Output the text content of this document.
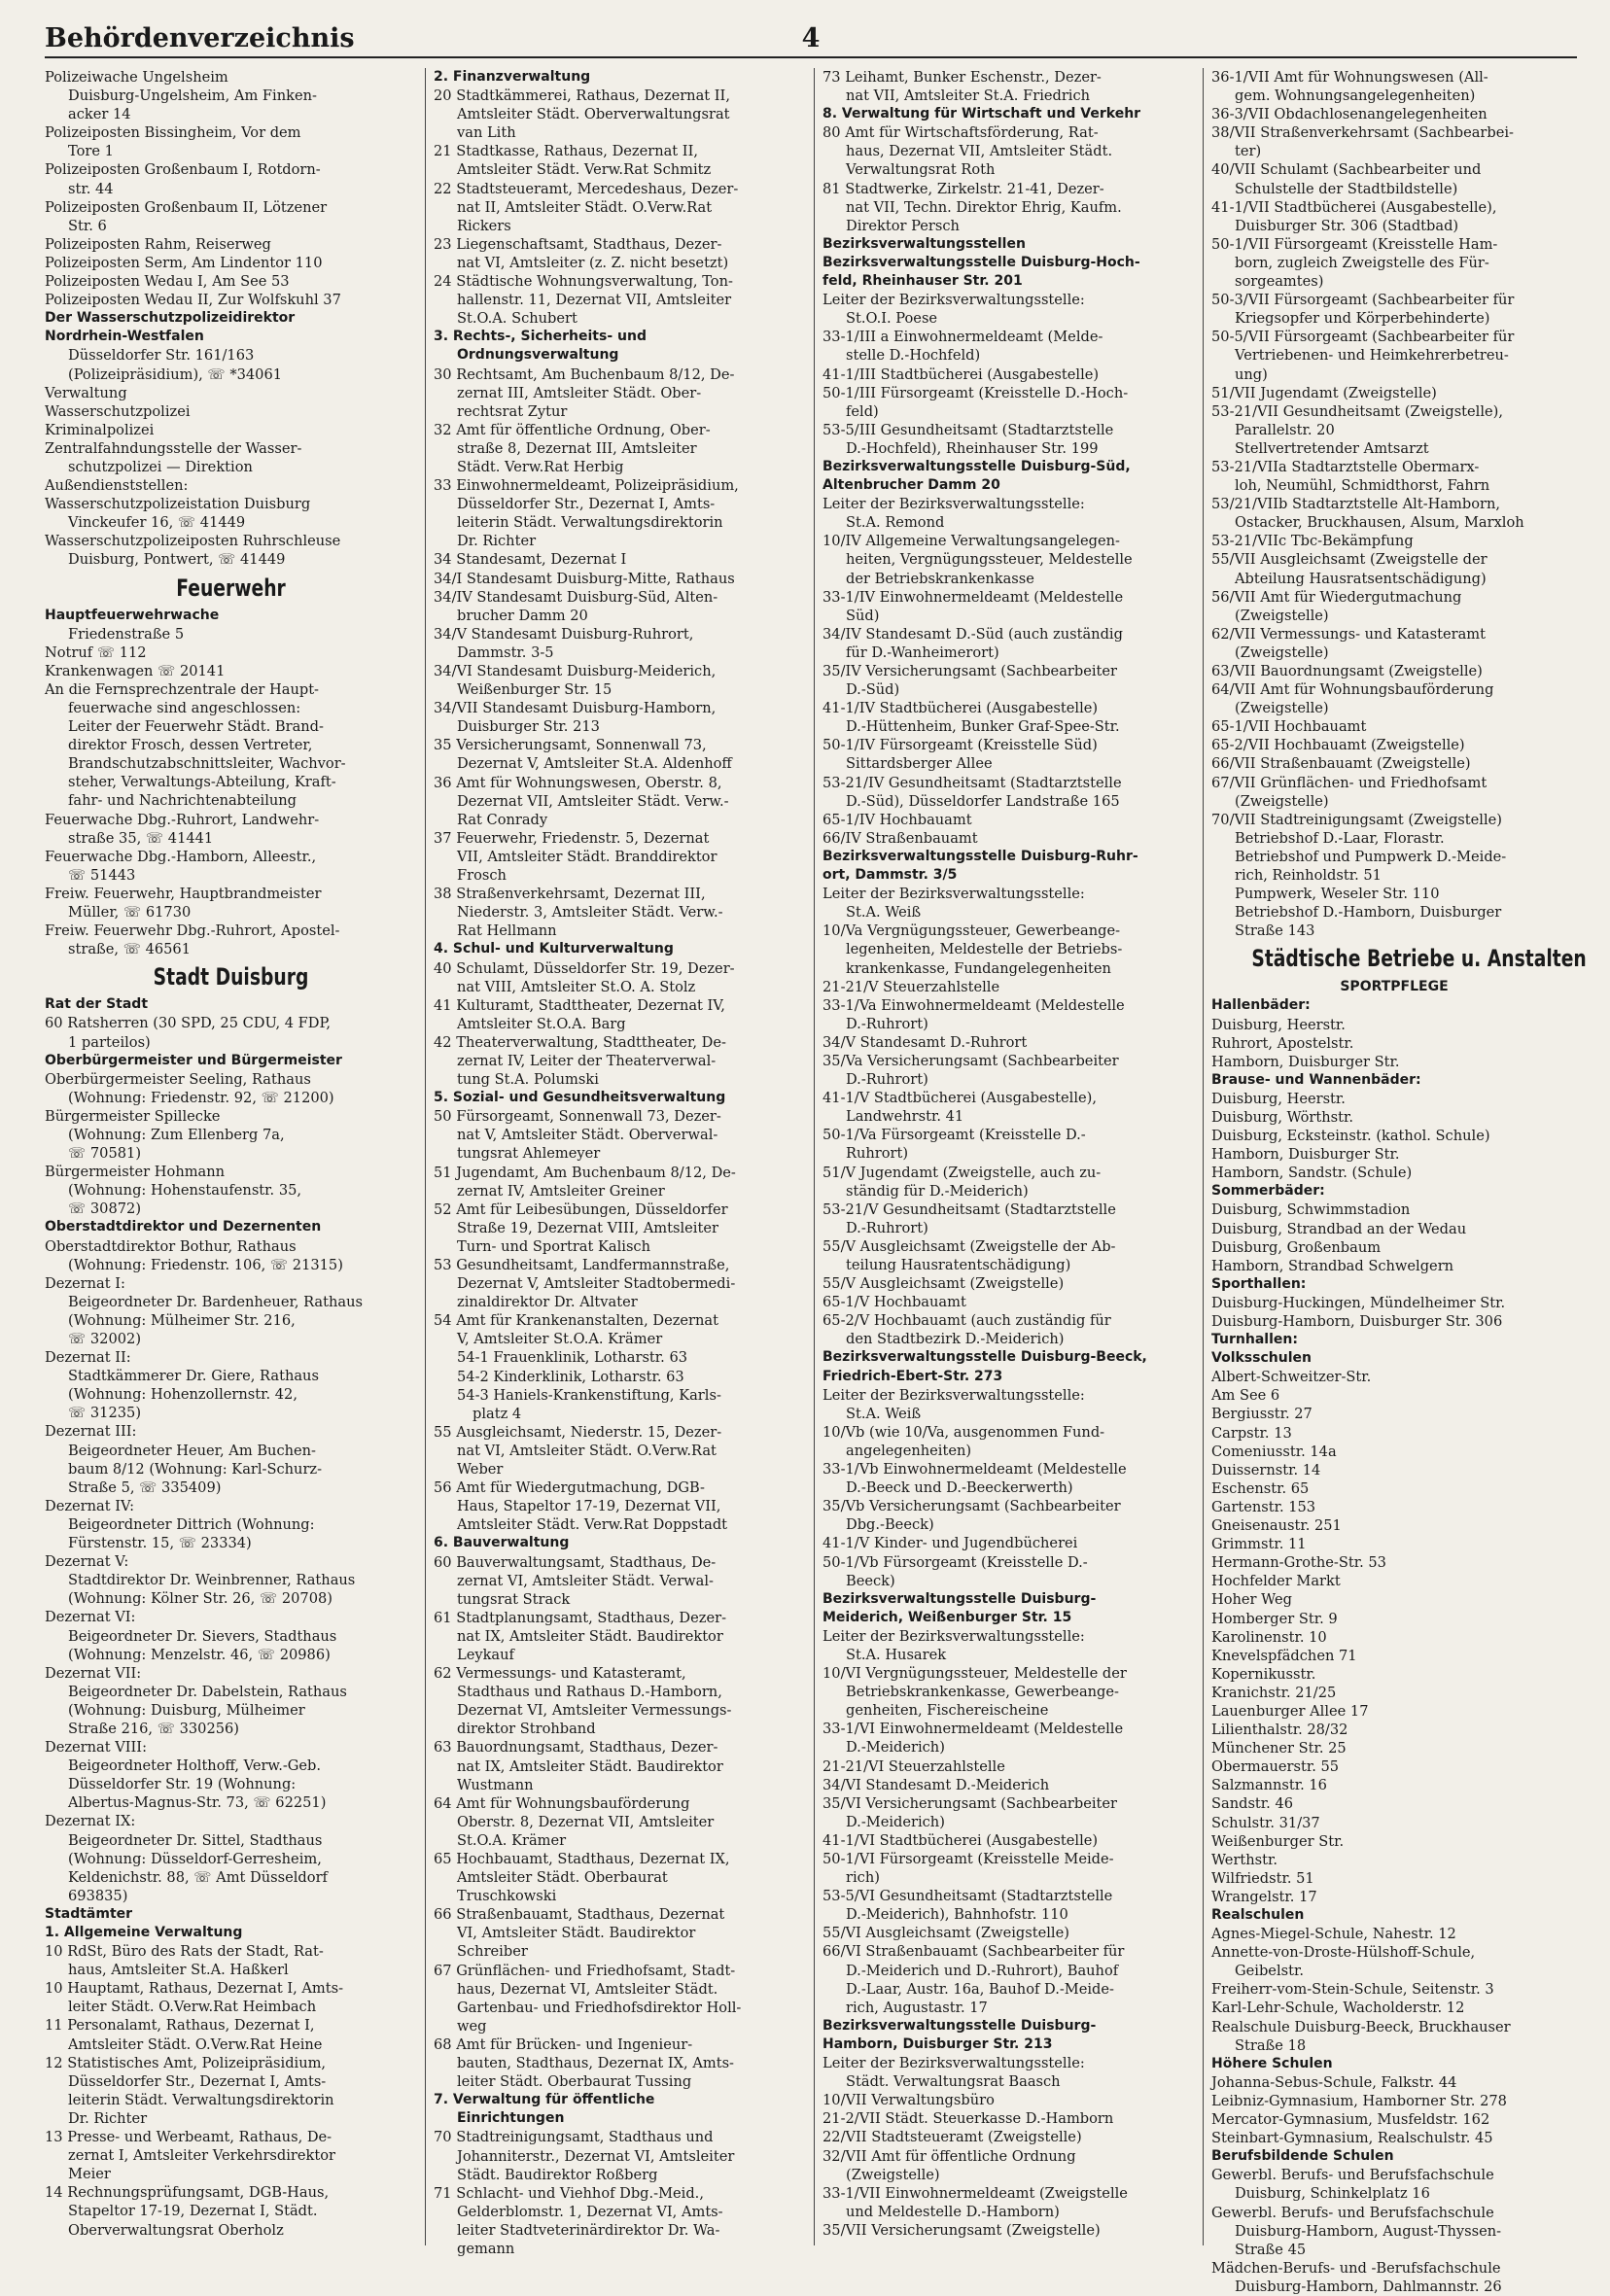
Behördenverzeichnis	4
Polizeiwache Ungelsheim
Duisburg-Ungelsheim, Am Finken-
acker 14
Polizeiposten Bissingheim, Vor dem
Tore 1
Polizeiposten Großenbaum I, Rotdorn-
str. 44
Polizeiposten Großenbaum II, Lötzener
Str. 6
Polizeiposten Rahm, Reiserweg
Polizeiposten Serm, Am Lindentor 110
Polizeiposten Wedau I, Am See 53
Polizeiposten Wedau II, Zur Wolfskuhl 37
Der Wasserschutzpolizeidirektor
Nordrhein-Westfalen
Düsseldorfer Str. 161/163
(Polizeipräsidium), ☏ *34061
Verwaltung
Wasserschutzpolizei
Kriminalpolizei
Zentralfahndungsstelle der Wasser-
schutzpolizei — Direktion
Außendienststellen:
Wasserschutzpolizeistation Duisburg
Vinckeufer 16, ☏ 41449
Wasserschutzpolizeiposten Ruhrschleuse
Duisburg, Pontwert, ☏ 41449
Feuerwehr
Hauptfeuerwehrwache
Friedenstraße 5
Notruf ☏ 112
Krankenwagen ☏ 20141
An die Fernsprechzentrale der Haupt-
feuerwache sind angeschlossen:
Leiter der Feuerwehr Städt. Brand-
direktor Frosch, dessen Vertreter,
Brandschutzabschnittsleiter, Wachvor-
steher, Verwaltungs-Abteilung, Kraft-
fahr- und Nachrichtenabteilung
Feuerwache Dbg.-Ruhrort, Landwehr-
straße 35, ☏ 41441
Feuerwache Dbg.-Hamborn, Alleestr.,
☏ 51443
Freiw. Feuerwehr, Hauptbrandmeister
Müller, ☏ 61730
Freiw. Feuerwehr Dbg.-Ruhrort, Apostel-
straße, ☏ 46561
Stadt Duisburg
Rat der Stadt
60 Ratsherren (30 SPD, 25 CDU, 4 FDP,
1 parteilos)
Oberbürgermeister und Bürgermeister
Oberbürgermeister Seeling, Rathaus
(Wohnung: Friedenstr. 92, ☏ 21200)
Bürgermeister Spillecke
(Wohnung: Zum Ellenberg 7a,
☏ 70581)
Bürgermeister Hohmann
(Wohnung: Hohenstaufenstr. 35,
☏ 30872)
Oberstadtdirektor und Dezernenten
Oberstadtdirektor Bothur, Rathaus
(Wohnung: Friedenstr. 106, ☏ 21315)
Dezernat I:
Beigeordneter Dr. Bardenheuer, Rathaus
(Wohnung: Mülheimer Str. 216,
☏ 32002)
Dezernat II:
Stadtkämmerer Dr. Giere, Rathaus
(Wohnung: Hohenzollernstr. 42,
☏ 31235)
Dezernat III:
Beigeordneter Heuer, Am Buchen-
baum 8/12 (Wohnung: Karl-Schurz-
Straße 5, ☏ 335409)
Dezernat IV:
Beigeordneter Dittrich (Wohnung:
Fürstenstr. 15, ☏ 23334)
Dezernat V:
Stadtdirektor Dr. Weinbrenner, Rathaus
(Wohnung: Kölner Str. 26, ☏ 20708)
Dezernat VI:
Beigeordneter Dr. Sievers, Stadthaus
(Wohnung: Menzelstr. 46, ☏ 20986)
Dezernat VII:
Beigeordneter Dr. Dabelstein, Rathaus
(Wohnung: Duisburg, Mülheimer
Straße 216, ☏ 330256)
Dezernat VIII:
Beigeordneter Holthoff, Verw.-Geb.
Düsseldorfer Str. 19 (Wohnung:
Albertus-Magnus-Str. 73, ☏ 62251)
Dezernat IX:
Beigeordneter Dr. Sittel, Stadthaus
(Wohnung: Düsseldorf-Gerresheim,
Keldenichstr. 88, ☏ Amt Düsseldorf
693835)
Stadtämter
1. Allgemeine Verwaltung
10 RdSt, Büro des Rats der Stadt, Rat-
haus, Amtsleiter St.A. Haßkerl
10 Hauptamt, Rathaus, Dezernat I, Amts-
leiter Städt. O.Verw.Rat Heimbach
11 Personalamt, Rathaus, Dezernat I,
Amtsleiter Städt. O.Verw.Rat Heine
12 Statistisches Amt, Polizeipräsidium,
Düsseldorfer Str., Dezernat I, Amts-
leiterin Städt. Verwaltungsdirektorin
Dr. Richter
13 Presse- und Werbeamt, Rathaus, De-
zernat I, Amtsleiter Verkehrsdirektor
Meier
14 Rechnungsprüfungsamt, DGB-Haus,
Stapeltor 17-19, Dezernat I, Städt.
Oberverwaltungsrat Oberholz
2. Finanzverwaltung
20 Stadtkämmerei, Rathaus, Dezernat II,
Amtsleiter Städt. Oberverwaltungsrat
van Lith
21 Stadtkasse, Rathaus, Dezernat II,
Amtsleiter Städt. Verw.Rat Schmitz
22 Stadtsteueramt, Mercedeshaus, Dezer-
nat II, Amtsleiter Städt. O.Verw.Rat
Rickers
23 Liegenschaftsamt, Stadthaus, Dezer-
nat VI, Amtsleiter (z. Z. nicht besetzt)
24 Städtische Wohnungsverwaltung, Ton-
hallenstr. 11, Dezernat VII, Amtsleiter
St.O.A. Schubert
3. Rechts-, Sicherheits- und
Ordnungsverwaltung
30 Rechtsamt, Am Buchenbaum 8/12, De-
zernat III, Amtsleiter Städt. Ober-
rechtsrat Zytur
32 Amt für öffentliche Ordnung, Ober-
straße 8, Dezernat III, Amtsleiter
Städt. Verw.Rat Herbig
33 Einwohnermeldeamt, Polizeipräsidium,
Düsseldorfer Str., Dezernat I, Amts-
leiterin Städt. Verwaltungsdirektorin
Dr. Richter
34 Standesamt, Dezernat I
34/I Standesamt Duisburg-Mitte, Rathaus
34/IV Standesamt Duisburg-Süd, Alten-
brucher Damm 20
34/V Standesamt Duisburg-Ruhrort,
Dammstr. 3-5
34/VI Standesamt Duisburg-Meiderich,
Weißenburger Str. 15
34/VII Standesamt Duisburg-Hamborn,
Duisburger Str. 213
35 Versicherungsamt, Sonnenwall 73,
Dezernat V, Amtsleiter St.A. Aldenhoff
36 Amt für Wohnungswesen, Oberstr. 8,
Dezernat VII, Amtsleiter Städt. Verw.-
Rat Conrady
37 Feuerwehr, Friedenstr. 5, Dezernat
VII, Amtsleiter Städt. Branddirektor
Frosch
38 Straßenverkehrsamt, Dezernat III,
Niederstr. 3, Amtsleiter Städt. Verw.-
Rat Hellmann
4. Schul- und Kulturverwaltung
40 Schulamt, Düsseldorfer Str. 19, Dezer-
nat VIII, Amtsleiter St.O. A. Stolz
41 Kulturamt, Stadttheater, Dezernat IV,
Amtsleiter St.O.A. Barg
42 Theaterverwaltung, Stadttheater, De-
zernat IV, Leiter der Theaterverwal-
tung St.A. Polumski
5. Sozial- und Gesundheitsverwaltung
50 Fürsorgeamt, Sonnenwall 73, Dezer-
nat V, Amtsleiter Städt. Oberverwal-
tungsrat Ahlemeyer
51 Jugendamt, Am Buchenbaum 8/12, De-
zernat IV, Amtsleiter Greiner
52 Amt für Leibesübungen, Düsseldorfer
Straße 19, Dezernat VIII, Amtsleiter
Turn- und Sportrat Kalisch
53 Gesundheitsamt, Landfermannstraße,
Dezernat V, Amtsleiter Stadtobermedi-
zinaldirektor Dr. Altvater
54 Amt für Krankenanstalten, Dezernat
V, Amtsleiter St.O.A. Krämer
54-1 Frauenklinik, Lotharstr. 63
54-2 Kinderklinik, Lotharstr. 63
54-3 Haniels-Krankenstiftung, Karls-
platz 4
55 Ausgleichsamt, Niederstr. 15, Dezer-
nat VI, Amtsleiter Städt. O.Verw.Rat
Weber
56 Amt für Wiedergutmachung, DGB-
Haus, Stapeltor 17-19, Dezernat VII,
Amtsleiter Städt. Verw.Rat Doppstadt
6. Bauverwaltung
60 Bauverwaltungsamt, Stadthaus, De-
zernat VI, Amtsleiter Städt. Verwal-
tungsrat Strack
61 Stadtplanungsamt, Stadthaus, Dezer-
nat IX, Amtsleiter Städt. Baudirektor
Leykauf
62 Vermessungs- und Katasteramt,
Stadthaus und Rathaus D.-Hamborn,
Dezernat VI, Amtsleiter Vermessungs-
direktor Strohband
63 Bauordnungsamt, Stadthaus, Dezer-
nat IX, Amtsleiter Städt. Baudirektor
Wustmann
64 Amt für Wohnungsbauförderung
Oberstr. 8, Dezernat VII, Amtsleiter
St.O.A. Krämer
65 Hochbauamt, Stadthaus, Dezernat IX,
Amtsleiter Städt. Oberbaurat
Truschkowski
66 Straßenbauamt, Stadthaus, Dezernat
VI, Amtsleiter Städt. Baudirektor
Schreiber
67 Grünflächen- und Friedhofsamt, Stadt-
haus, Dezernat VI, Amtsleiter Städt.
Gartenbau- und Friedhofsdirektor Holl-
weg
68 Amt für Brücken- und Ingenieur-
bauten, Stadthaus, Dezernat IX, Amts-
leiter Städt. Oberbaurat Tussing
7. Verwaltung für öffentliche
Einrichtungen
70 Stadtreinigungsamt, Stadthaus und
Johanniterstr., Dezernat VI, Amtsleiter
Städt. Baudirektor Roßberg
71 Schlacht- und Viehhof Dbg.-Meid.,
Gelderblomstr. 1, Dezernat VI, Amts-
leiter Stadtveterinärdirektor Dr. Wa-
gemann
73 Leihamt, Bunker Eschenstr., Dezer-
nat VII, Amtsleiter St.A. Friedrich
8. Verwaltung für Wirtschaft und Verkehr
80 Amt für Wirtschaftsförderung, Rat-
haus, Dezernat VII, Amtsleiter Städt.
Verwaltungsrat Roth
81 Stadtwerke, Zirkelstr. 21-41, Dezer-
nat VII, Techn. Direktor Ehrig, Kaufm.
Direktor Persch
Bezirksverwaltungsstellen
Bezirksverwaltungsstelle Duisburg-Hoch-
feld, Rheinhauser Str. 201
Leiter der Bezirksverwaltungsstelle:
St.O.I. Poese
33-1/III a Einwohnermeldeamt (Melde-
stelle D.-Hochfeld)
41-1/III Stadtbücherei (Ausgabestelle)
50-1/III Fürsorgeamt (Kreisstelle D.-Hoch-
feld)
53-5/III Gesundheitsamt (Stadtarztstelle
D.-Hochfeld), Rheinhauser Str. 199
Bezirksverwaltungsstelle Duisburg-Süd,
Altenbrucher Damm 20
Leiter der Bezirksverwaltungsstelle:
St.A. Remond
10/IV Allgemeine Verwaltungsangelegen-
heiten, Vergnügungssteuer, Meldestelle
der Betriebskrankenkasse
33-1/IV Einwohnermeldeamt (Meldestelle
Süd)
34/IV Standesamt D.-Süd (auch zuständig
für D.-Wanheimerort)
35/IV Versicherungsamt (Sachbearbeiter
D.-Süd)
41-1/IV Stadtbücherei (Ausgabestelle)
D.-Hüttenheim, Bunker Graf-Spee-Str.
50-1/IV Fürsorgeamt (Kreisstelle Süd)
Sittardsberger Allee
53-21/IV Gesundheitsamt (Stadtarztstelle
D.-Süd), Düsseldorfer Landstraße 165
65-1/IV Hochbauamt
66/IV Straßenbauamt
Bezirksverwaltungsstelle Duisburg-Ruhr-
ort, Dammstr. 3/5
Leiter der Bezirksverwaltungsstelle:
St.A. Weiß
10/Va Vergnügungssteuer, Gewerbeange-
legenheiten, Meldestelle der Betriebs-
krankenkasse, Fundangelegenheiten
21-21/V Steuerzahlstelle
33-1/Va Einwohnermeldeamt (Meldestelle
D.-Ruhrort)
34/V Standesamt D.-Ruhrort
35/Va Versicherungsamt (Sachbearbeiter
D.-Ruhrort)
41-1/V Stadtbücherei (Ausgabestelle),
Landwehrstr. 41
50-1/Va Fürsorgeamt (Kreisstelle D.-
Ruhrort)
51/V Jugendamt (Zweigstelle, auch zu-
ständig für D.-Meiderich)
53-21/V Gesundheitsamt (Stadtarztstelle
D.-Ruhrort)
55/V Ausgleichsamt (Zweigstelle der Ab-
teilung Hausratentschädigung)
55/V Ausgleichsamt (Zweigstelle)
65-1/V Hochbauamt
65-2/V Hochbauamt (auch zuständig für
den Stadtbezirk D.-Meiderich)
Bezirksverwaltungsstelle Duisburg-Beeck,
Friedrich-Ebert-Str. 273
Leiter der Bezirksverwaltungsstelle:
St.A. Weiß
10/Vb (wie 10/Va, ausgenommen Fund-
angelegenheiten)
33-1/Vb Einwohnermeldeamt (Meldestelle
D.-Beeck und D.-Beeckerwerth)
35/Vb Versicherungsamt (Sachbearbeiter
Dbg.-Beeck)
41-1/V Kinder- und Jugendbücherei
50-1/Vb Fürsorgeamt (Kreisstelle D.-
Beeck)
Bezirksverwaltungsstelle Duisburg-
Meiderich, Weißenburger Str. 15
Leiter der Bezirksverwaltungsstelle:
St.A. Husarek
10/VI Vergnügungssteuer, Meldestelle der
Betriebskrankenkasse, Gewerbeange-
genheiten, Fischereischeine
33-1/VI Einwohnermeldeamt (Meldestelle
D.-Meiderich)
21-21/VI Steuerzahlstelle
34/VI Standesamt D.-Meiderich
35/VI Versicherungsamt (Sachbearbeiter
D.-Meiderich)
41-1/VI Stadtbücherei (Ausgabestelle)
50-1/VI Fürsorgeamt (Kreisstelle Meide-
rich)
53-5/VI Gesundheitsamt (Stadtarztstelle
D.-Meiderich), Bahnhofstr. 110
55/VI Ausgleichsamt (Zweigstelle)
66/VI Straßenbauamt (Sachbearbeiter für
D.-Meiderich und D.-Ruhrort), Bauhof
D.-Laar, Austr. 16a, Bauhof D.-Meide-
rich, Augustastr. 17
Bezirksverwaltungsstelle Duisburg-
Hamborn, Duisburger Str. 213
Leiter der Bezirksverwaltungsstelle:
Städt. Verwaltungsrat Baasch
10/VII Verwaltungsbüro
21-2/VII Städt. Steuerkasse D.-Hamborn
22/VII Stadtsteueramt (Zweigstelle)
32/VII Amt für öffentliche Ordnung
(Zweigstelle)
33-1/VII Einwohnermeldeamt (Zweigstelle
und Meldestelle D.-Hamborn)
35/VII Versicherungsamt (Zweigstelle)
36-1/VII Amt für Wohnungswesen (All-
gem. Wohnungsangelegenheiten)
36-3/VII Obdachlosenangelegenheiten
38/VII Straßenverkehrsamt (Sachbearbei-
ter)
40/VII Schulamt (Sachbearbeiter und
Schulstelle der Stadtbildstelle)
41-1/VII Stadtbücherei (Ausgabestelle),
Duisburger Str. 306 (Stadtbad)
50-1/VII Fürsorgeamt (Kreisstelle Ham-
born, zugleich Zweigstelle des Für-
sorgeamtes)
50-3/VII Fürsorgeamt (Sachbearbeiter für
Kriegsopfer und Körperbehinderte)
50-5/VII Fürsorgeamt (Sachbearbeiter für
Vertriebenen- und Heimkehrerbetreu-
ung)
51/VII Jugendamt (Zweigstelle)
53-21/VII Gesundheitsamt (Zweigstelle),
Parallelstr. 20
Stellvertretender Amtsarzt
53-21/VIIa Stadtarztstelle Obermarx-
loh, Neumühl, Schmidthorst, Fahrn
53/21/VIIb Stadtarztstelle Alt-Hamborn,
Ostacker, Bruckhausen, Alsum, Marxloh
53-21/VIIc Tbc-Bekämpfung
55/VII Ausgleichsamt (Zweigstelle der
Abteilung Hausratsentschädigung)
56/VII Amt für Wiedergutmachung
(Zweigstelle)
62/VII Vermessungs- und Katasteramt
(Zweigstelle)
63/VII Bauordnungsamt (Zweigstelle)
64/VII Amt für Wohnungsbauförderung
(Zweigstelle)
65-1/VII Hochbauamt
65-2/VII Hochbauamt (Zweigstelle)
66/VII Straßenbauamt (Zweigstelle)
67/VII Grünflächen- und Friedhofsamt
(Zweigstelle)
70/VII Stadtreinigungsamt (Zweigstelle)
Betriebshof D.-Laar, Florastr.
Betriebshof und Pumpwerk D.-Meide-
rich, Reinholdstr. 51
Pumpwerk, Weseler Str. 110
Betriebshof D.-Hamborn, Duisburger
Straße 143
Städtische Betriebe u. Anstalten
SPORTPFLEGE
Hallenbäder:
Duisburg, Heerstr.
Ruhrort, Apostelstr.
Hamborn, Duisburger Str.
Brause- und Wannenbäder:
Duisburg, Heerstr.
Duisburg, Wörthstr.
Duisburg, Ecksteinstr. (kathol. Schule)
Hamborn, Duisburger Str.
Hamborn, Sandstr. (Schule)
Sommerbäder:
Duisburg, Schwimmstadion
Duisburg, Strandbad an der Wedau
Duisburg, Großenbaum
Hamborn, Strandbad Schwelgern
Sporthallen:
Duisburg-Huckingen, Mündelheimer Str.
Duisburg-Hamborn, Duisburger Str. 306
Turnhallen:
Volksschulen
Albert-Schweitzer-Str.
Am See 6
Bergiusstr. 27
Carpstr. 13
Comeniusstr. 14a
Duissernstr. 14
Eschenstr. 65
Gartenstr. 153
Gneisenaustr. 251
Grimmstr. 11
Hermann-Grothe-Str. 53
Hochfelder Markt
Hoher Weg
Homberger Str. 9
Karolinenstr. 10
Knevelspfädchen 71
Kopernikusstr.
Kranichstr. 21/25
Lauenburger Allee 17
Lilienthalstr. 28/32
Münchener Str. 25
Obermauerstr. 55
Salzmannstr. 16
Sandstr. 46
Schulstr. 31/37
Weißenburger Str.
Werthstr.
Wilfriedstr. 51
Wrangelstr. 17
Realschulen
Agnes-Miegel-Schule, Nahestr. 12
Annette-von-Droste-Hülshoff-Schule,
Geibelstr.
Freiherr-vom-Stein-Schule, Seitenstr. 3
Karl-Lehr-Schule, Wacholderstr. 12
Realschule Duisburg-Beeck, Bruckhauser
Straße 18
Höhere Schulen
Johanna-Sebus-Schule, Falkstr. 44
Leibniz-Gymnasium, Hamborner Str. 278
Mercator-Gymnasium, Musfeldstr. 162
Steinbart-Gymnasium, Realschulstr. 45
Berufsbildende Schulen
Gewerbl. Berufs- und Berufsfachschule
Duisburg, Schinkelplatz 16
Gewerbl. Berufs- und Berufsfachschule
Duisburg-Hamborn, August-Thyssen-
Straße 45
Mädchen-Berufs- und -Berufsfachschule
Duisburg-Hamborn, Dahlmannstr. 26
